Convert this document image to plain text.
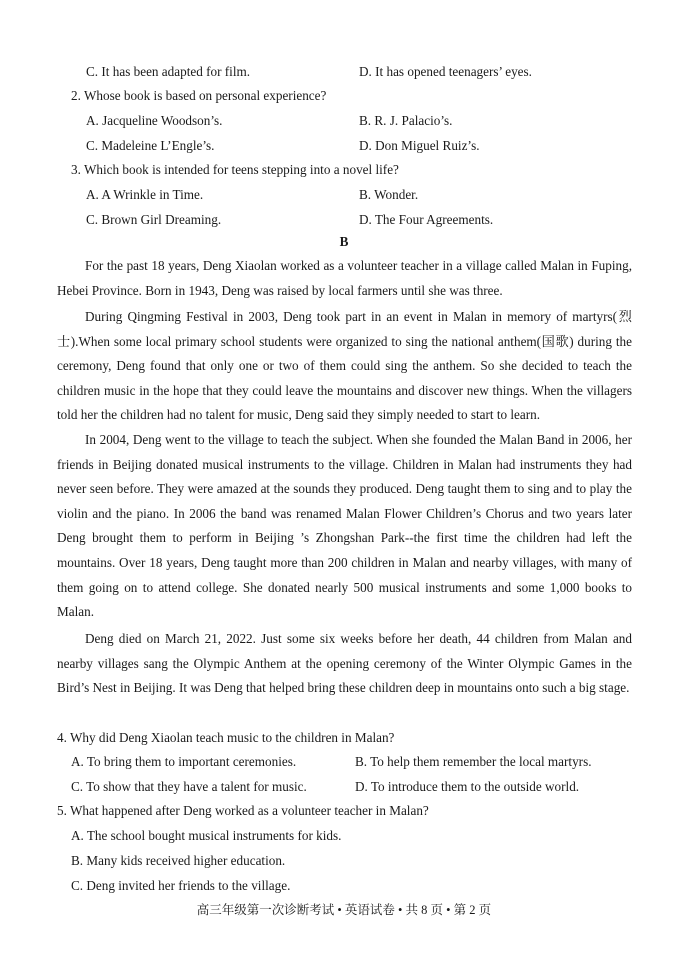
C. It has been adapted for film.	D. It has opened teenagers’ eyes.
2. Whose book is based on personal experience?
A. Jacqueline Woodson’s.	B. R. J. Palacio’s.
C. Madeleine L’Engle’s.	D. Don Miguel Ruiz’s.
3. Which book is intended for teens stepping into a novel life?
A. A Wrinkle in Time.	B. Wonder.
C. Brown Girl Dreaming.	D. The Four Agreements.
B
For the past 18 years, Deng Xiaolan worked as a volunteer teacher in a village called Malan in Fuping, Hebei Province. Born in 1943, Deng was raised by local farmers until she was three.
During Qingming Festival in 2003, Deng took part in an event in Malan in memory of martyrs(烈士).When some local primary school students were organized to sing the national anthem(国歌) during the ceremony, Deng found that only one or two of them could sing the anthem. So she decided to teach the children music in the hope that they could leave the mountains and discover new things. When the villagers told her the children had no talent for music, Deng said they simply needed to start to learn.
In 2004, Deng went to the village to teach the subject. When she founded the Malan Band in 2006, her friends in Beijing donated musical instruments to the village. Children in Malan had instruments they had never seen before. They were amazed at the sounds they produced. Deng taught them to sing and to play the violin and the piano. In 2006 the band was renamed Malan Flower Children’s Chorus and two years later Deng brought them to perform in Beijing ’s Zhongshan Park--the first time the children had left the mountains. Over 18 years, Deng taught more than 200 children in Malan and nearby villages, with many of them going on to attend college. She donated nearly 500 musical instruments and some 1,000 books to Malan.
Deng died on March 21, 2022. Just some six weeks before her death, 44 children from Malan and nearby villages sang the Olympic Anthem at the opening ceremony of the Winter Olympic Games in the Bird’s Nest in Beijing. It was Deng that helped bring these children deep in mountains onto such a big stage.
4. Why did Deng Xiaolan teach music to the children in Malan?
A. To bring them to important ceremonies.	B. To help them remember the local martyrs.
C. To show that they have a talent for music.	D. To introduce them to the outside world.
5. What happened after Deng worked as a volunteer teacher in Malan?
A. The school bought musical instruments for kids.
B. Many kids received higher education.
C. Deng invited her friends to the village.
高三年级第一次诊断考试 • 英语试卷 • 共 8 页 • 第 2 页
